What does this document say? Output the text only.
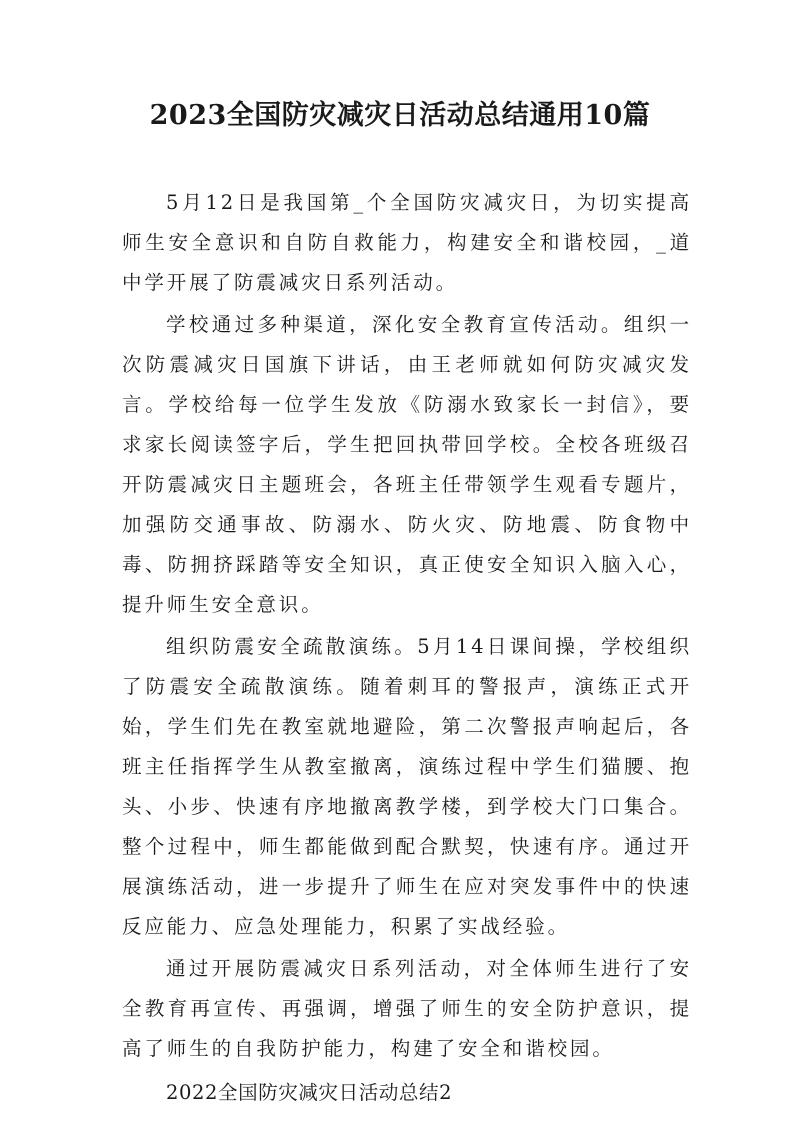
2023全国防灾减灾日活动总结通用10篇

5月12日是我国第_个全国防灾减灾日，为切实提高师生安全意识和自防自救能力，构建安全和谐校园，_道中学开展了防震减灾日系列活动。

学校通过多种渠道，深化安全教育宣传活动。组织一次防震减灾日国旗下讲话，由王老师就如何防灾减灾发言。学校给每一位学生发放《防溺水致家长一封信》，要求家长阅读签字后，学生把回执带回学校。全校各班级召开防震减灾日主题班会，各班主任带领学生观看专题片，加强防交通事故、防溺水、防火灾、防地震、防食物中毒、防拥挤踩踏等安全知识，真正使安全知识入脑入心，提升师生安全意识。

组织防震安全疏散演练。5月14日课间操，学校组织了防震安全疏散演练。随着刺耳的警报声，演练正式开始，学生们先在教室就地避险，第二次警报声响起后，各班主任指挥学生从教室撤离，演练过程中学生们猫腰、抱头、小步、快速有序地撤离教学楼，到学校大门口集合。整个过程中，师生都能做到配合默契，快速有序。通过开展演练活动，进一步提升了师生在应对突发事件中的快速反应能力、应急处理能力，积累了实战经验。

通过开展防震减灾日系列活动，对全体师生进行了安全教育再宣传、再强调，增强了师生的安全防护意识，提高了师生的自我防护能力，构建了安全和谐校园。

2022全国防灾减灾日活动总结2
